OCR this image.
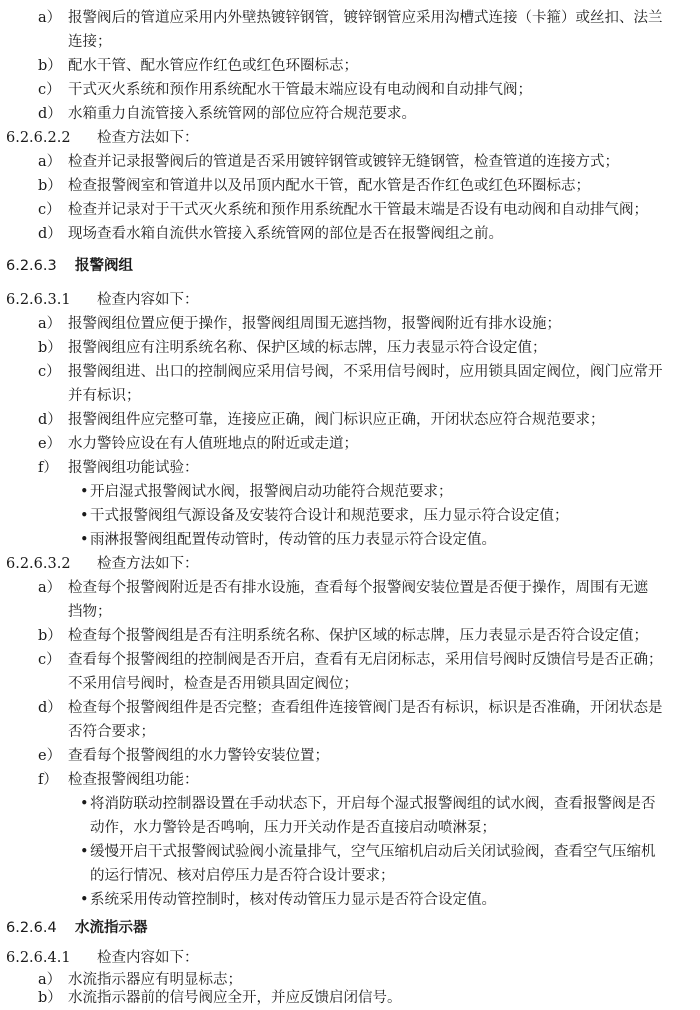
a） 报警阀后的管道应采用内外壁热镀锌钢管，镀锌钢管应采用沟槽式连接（卡箍）或丝扣、法兰
连接；
b） 配水干管、配水管应作红色或红色环圈标志；
c） 干式灭火系统和预作用系统配水干管最末端应设有电动阀和自动排气阀；
d） 水箱重力自流管接入系统管网的部位应符合规范要求。
6.2.6.2.2 检查方法如下：
a） 检查并记录报警阀后的管道是否采用镀锌钢管或镀锌无缝钢管，检查管道的连接方式；
b） 检查报警阀室和管道井以及吊顶内配水干管，配水管是否作红色或红色环圈标志；
c） 检查并记录对于干式灭火系统和预作用系统配水干管最末端是否设有电动阀和自动排气阀；
d） 现场查看水箱自流供水管接入系统管网的部位是否在报警阀组之前。
6.2.6.3 报警阀组
6.2.6.3.1 检查内容如下：
a） 报警阀组位置应便于操作，报警阀组周围无遮挡物，报警阀附近有排水设施；
b） 报警阀组应有注明系统名称、保护区域的标志牌，压力表显示符合设定值；
c） 报警阀组进、出口的控制阀应采用信号阀，不采用信号阀时，应用锁具固定阀位，阀门应常开
并有标识；
d） 报警阀组件应完整可靠，连接应正确，阀门标识应正确，开闭状态应符合规范要求；
e） 水力警铃应设在有人值班地点的附近或走道；
f） 报警阀组功能试验：
• 开启湿式报警阀试水阀，报警阀启动功能符合规范要求；
• 干式报警阀组气源设备及安装符合设计和规范要求，压力显示符合设定值；
• 雨淋报警阀组配置传动管时，传动管的压力表显示符合设定值。
6.2.6.3.2 检查方法如下：
a） 检查每个报警阀附近是否有排水设施，查看每个报警阀安装位置是否便于操作，周围有无遮
挡物；
b） 检查每个报警阀组是否有注明系统名称、保护区域的标志牌，压力表显示是否符合设定值；
c） 查看每个报警阀组的控制阀是否开启，查看有无启闭标志，采用信号阀时反馈信号是否正确；
不采用信号阀时，检查是否用锁具固定阀位；
d） 检查每个报警阀组件是否完整；查看组件连接管阀门是否有标识，标识是否准确，开闭状态是
否符合要求；
e） 查看每个报警阀组的水力警铃安装位置；
f） 检查报警阀组功能：
• 将消防联动控制器设置在手动状态下，开启每个湿式报警阀组的试水阀，查看报警阀是否
动作，水力警铃是否鸣响，压力开关动作是否直接启动喷淋泵；
• 缓慢开启干式报警阀试验阀小流量排气，空气压缩机启动后关闭试验阀，查看空气压缩机
的运行情况、核对启停压力是否符合设计要求；
• 系统采用传动管控制时，核对传动管压力显示是否符合设定值。
6.2.6.4 水流指示器
6.2.6.4.1 检查内容如下：
a） 水流指示器应有明显标志；
b） 水流指示器前的信号阀应全开，并应反馈启闭信号。
